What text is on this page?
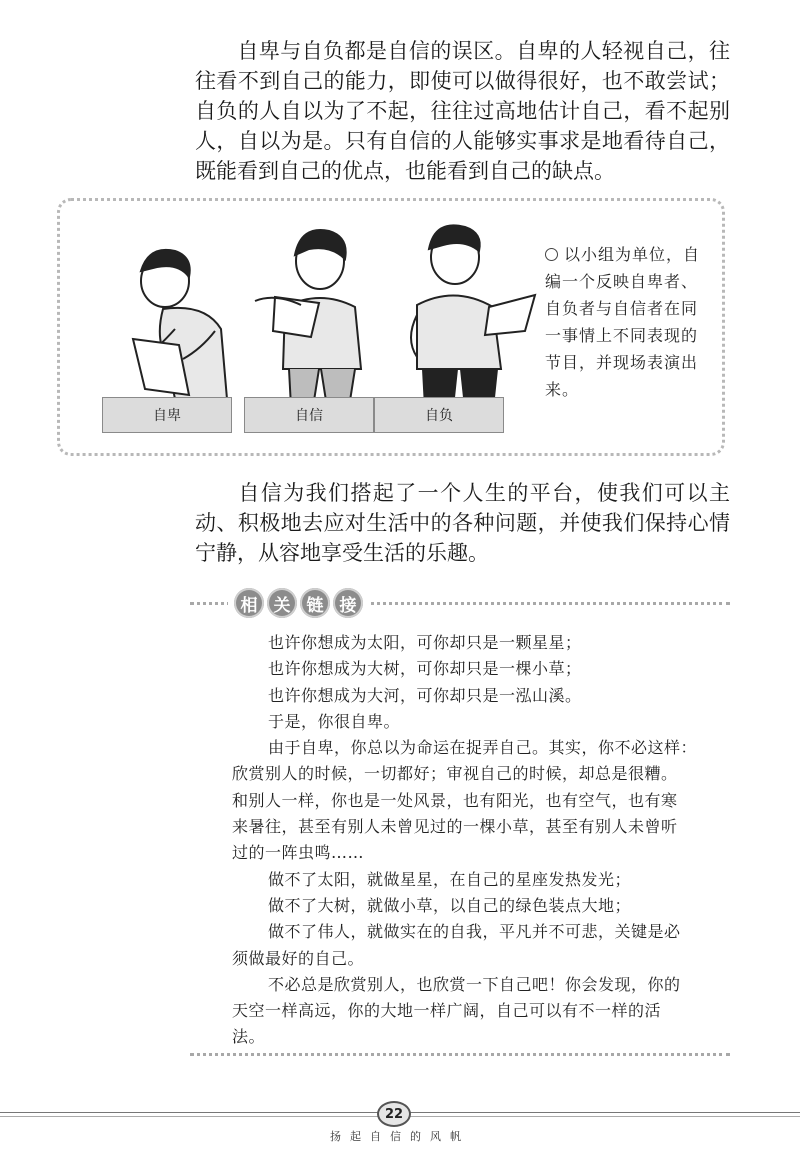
自卑与自负都是自信的误区。自卑的人轻视自己，往往看不到自己的能力，即使可以做得很好，也不敢尝试；自负的人自以为了不起，往往过高地估计自己，看不起别人，自以为是。只有自信的人能够实事求是地看待自己，既能看到自己的优点，也能看到自己的缺点。

自卑	自信	自负
以小组为单位，自编一个反映自卑者、自负者与自信者在同一事情上不同表现的节目，并现场表演出来。

自信为我们搭起了一个人生的平台，使我们可以主动、积极地去应对生活中的各种问题，并使我们保持心情宁静，从容地享受生活的乐趣。

相 关 链 接
也许你想成为太阳，可你却只是一颗星星；
也许你想成为大树，可你却只是一棵小草；
也许你想成为大河，可你却只是一泓山溪。
于是，你很自卑。
由于自卑，你总以为命运在捉弄自己。其实，你不必这样：
欣赏别人的时候，一切都好；审视自己的时候，却总是很糟。
和别人一样，你也是一处风景，也有阳光，也有空气，也有寒
来暑往，甚至有别人未曾见过的一棵小草，甚至有别人未曾听
过的一阵虫鸣……
做不了太阳，就做星星，在自己的星座发热发光；
做不了大树，就做小草，以自己的绿色装点大地；
做不了伟人，就做实在的自我，平凡并不可悲，关键是必
须做最好的自己。
不必总是欣赏别人，也欣赏一下自己吧！你会发现，你的
天空一样高远，你的大地一样广阔，自己可以有不一样的活
法。
22
扬起自信的风帆
